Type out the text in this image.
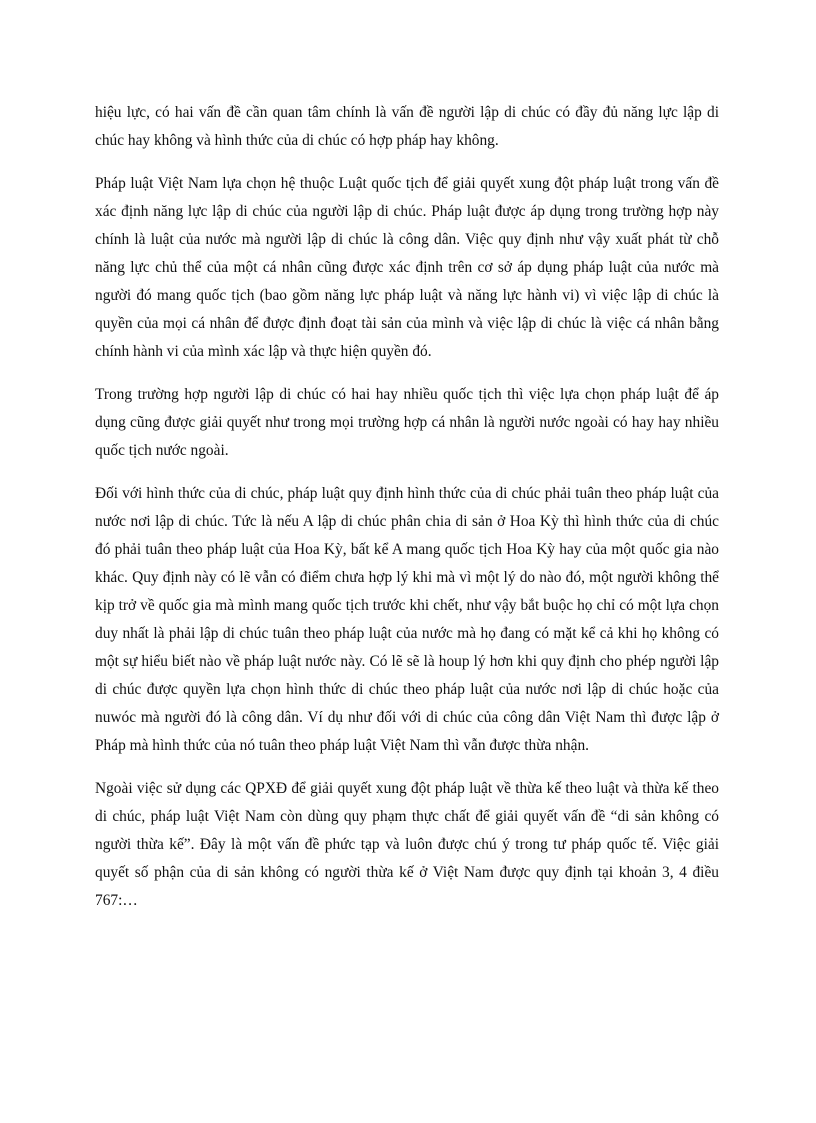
hiệu lực, có hai vấn đề cần quan tâm chính là vấn đề người lập di chúc có đầy đủ năng lực lập di chúc hay không và hình thức của di chúc có hợp pháp hay không.

Pháp luật Việt Nam lựa chọn hệ thuộc Luật quốc tịch để giải quyết xung đột pháp luật trong vấn đề xác định năng lực lập di chúc của người lập di chúc. Pháp luật được áp dụng trong trường hợp này chính là luật của nước mà người lập di chúc là công dân. Việc quy định như vậy xuất phát từ chỗ năng lực chủ thể của một cá nhân cũng được xác định trên cơ sở áp dụng pháp luật của nước mà người đó mang quốc tịch (bao gồm năng lực pháp luật và năng lực hành vi) vì việc lập di chúc là quyền của mọi cá nhân để được định đoạt tài sản của mình và việc lập di chúc là việc cá nhân bằng chính hành vi của mình xác lập và thực hiện quyền đó.

Trong trường hợp người lập di chúc có hai hay nhiều quốc tịch thì việc lựa chọn pháp luật để áp dụng cũng được giải quyết như trong mọi trường hợp cá nhân là người nước ngoài có hay hay nhiều quốc tịch nước ngoài.

Đối với hình thức của di chúc, pháp luật quy định hình thức của di chúc phải tuân theo pháp luật của nước nơi lập di chúc. Tức là nếu A lập di chúc phân chia di sản ở Hoa Kỳ thì hình thức của di chúc đó phải tuân theo pháp luật của Hoa Kỳ, bất kể A mang quốc tịch Hoa Kỳ hay của một quốc gia nào khác. Quy định này có lẽ vẫn có điểm chưa hợp lý khi mà vì một lý do nào đó, một người không thể kịp trở về quốc gia mà mình mang quốc tịch trước khi chết, như vậy bắt buộc họ chỉ có một lựa chọn duy nhất là phải lập di chúc tuân theo pháp luật của nước mà họ đang có mặt kể cả khi họ không có một sự hiểu biết nào về pháp luật nước này. Có lẽ sẽ là houp lý hơn khi quy định cho phép người lập di chúc được quyền lựa chọn hình thức di chúc theo pháp luật của nước nơi lập di chúc hoặc của nuwóc mà người đó là công dân. Ví dụ như đối với di chúc của công dân Việt Nam thì được lập ở Pháp mà hình thức của nó tuân theo pháp luật Việt Nam thì vẫn được thừa nhận.

Ngoài việc sử dụng các QPXĐ để giải quyết xung đột pháp luật về thừa kế theo luật và thừa kế theo di chúc, pháp luật Việt Nam còn dùng quy phạm thực chất để giải quyết vấn đề “di sản không có người thừa kế”. Đây là một vấn đề phức tạp và luôn được chú ý trong tư pháp quốc tế. Việc giải quyết số phận của di sản không có người thừa kế ở Việt Nam được quy định tại khoản 3, 4 điều 767:…
